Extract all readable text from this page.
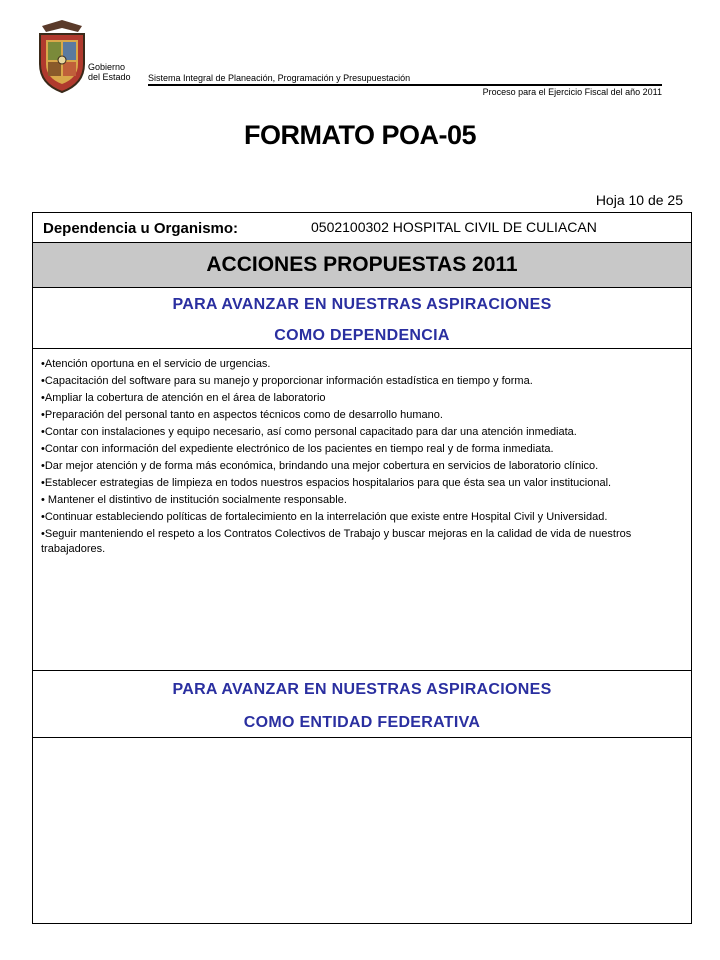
Gobierno
del Estado Sistema Integral de Planeación, Programación y Presupuestación
Proceso para el Ejercicio Fiscal del año 2011
FORMATO POA-05
Hoja 10 de 25
Dependencia u Organismo:	0502100302 HOSPITAL CIVIL DE CULIACAN
ACCIONES PROPUESTAS 2011
PARA AVANZAR EN NUESTRAS ASPIRACIONES
COMO DEPENDENCIA
•Atención oportuna en el servicio de urgencias.
•Capacitación del software para su manejo y proporcionar información estadística en tiempo y forma.
•Ampliar la cobertura de atención en el área de laboratorio
•Preparación del personal tanto en aspectos técnicos como de desarrollo humano.
•Contar con instalaciones y equipo necesario, así como personal capacitado para dar una atención inmediata.
•Contar con información del expediente electrónico de los pacientes en tiempo real y de forma inmediata.
•Dar mejor atención y de forma más económica, brindando una mejor cobertura en servicios de laboratorio clínico.
•Establecer estrategias de limpieza en todos nuestros espacios hospitalarios para que ésta sea un valor institucional.
• Mantener el distintivo de institución socialmente responsable.
•Continuar estableciendo políticas de fortalecimiento en la interrelación que existe entre Hospital Civil y Universidad.
•Seguir manteniendo el respeto a los Contratos Colectivos de Trabajo y buscar mejoras en la calidad de vida de nuestros trabajadores.
PARA AVANZAR EN NUESTRAS ASPIRACIONES
COMO ENTIDAD FEDERATIVA
